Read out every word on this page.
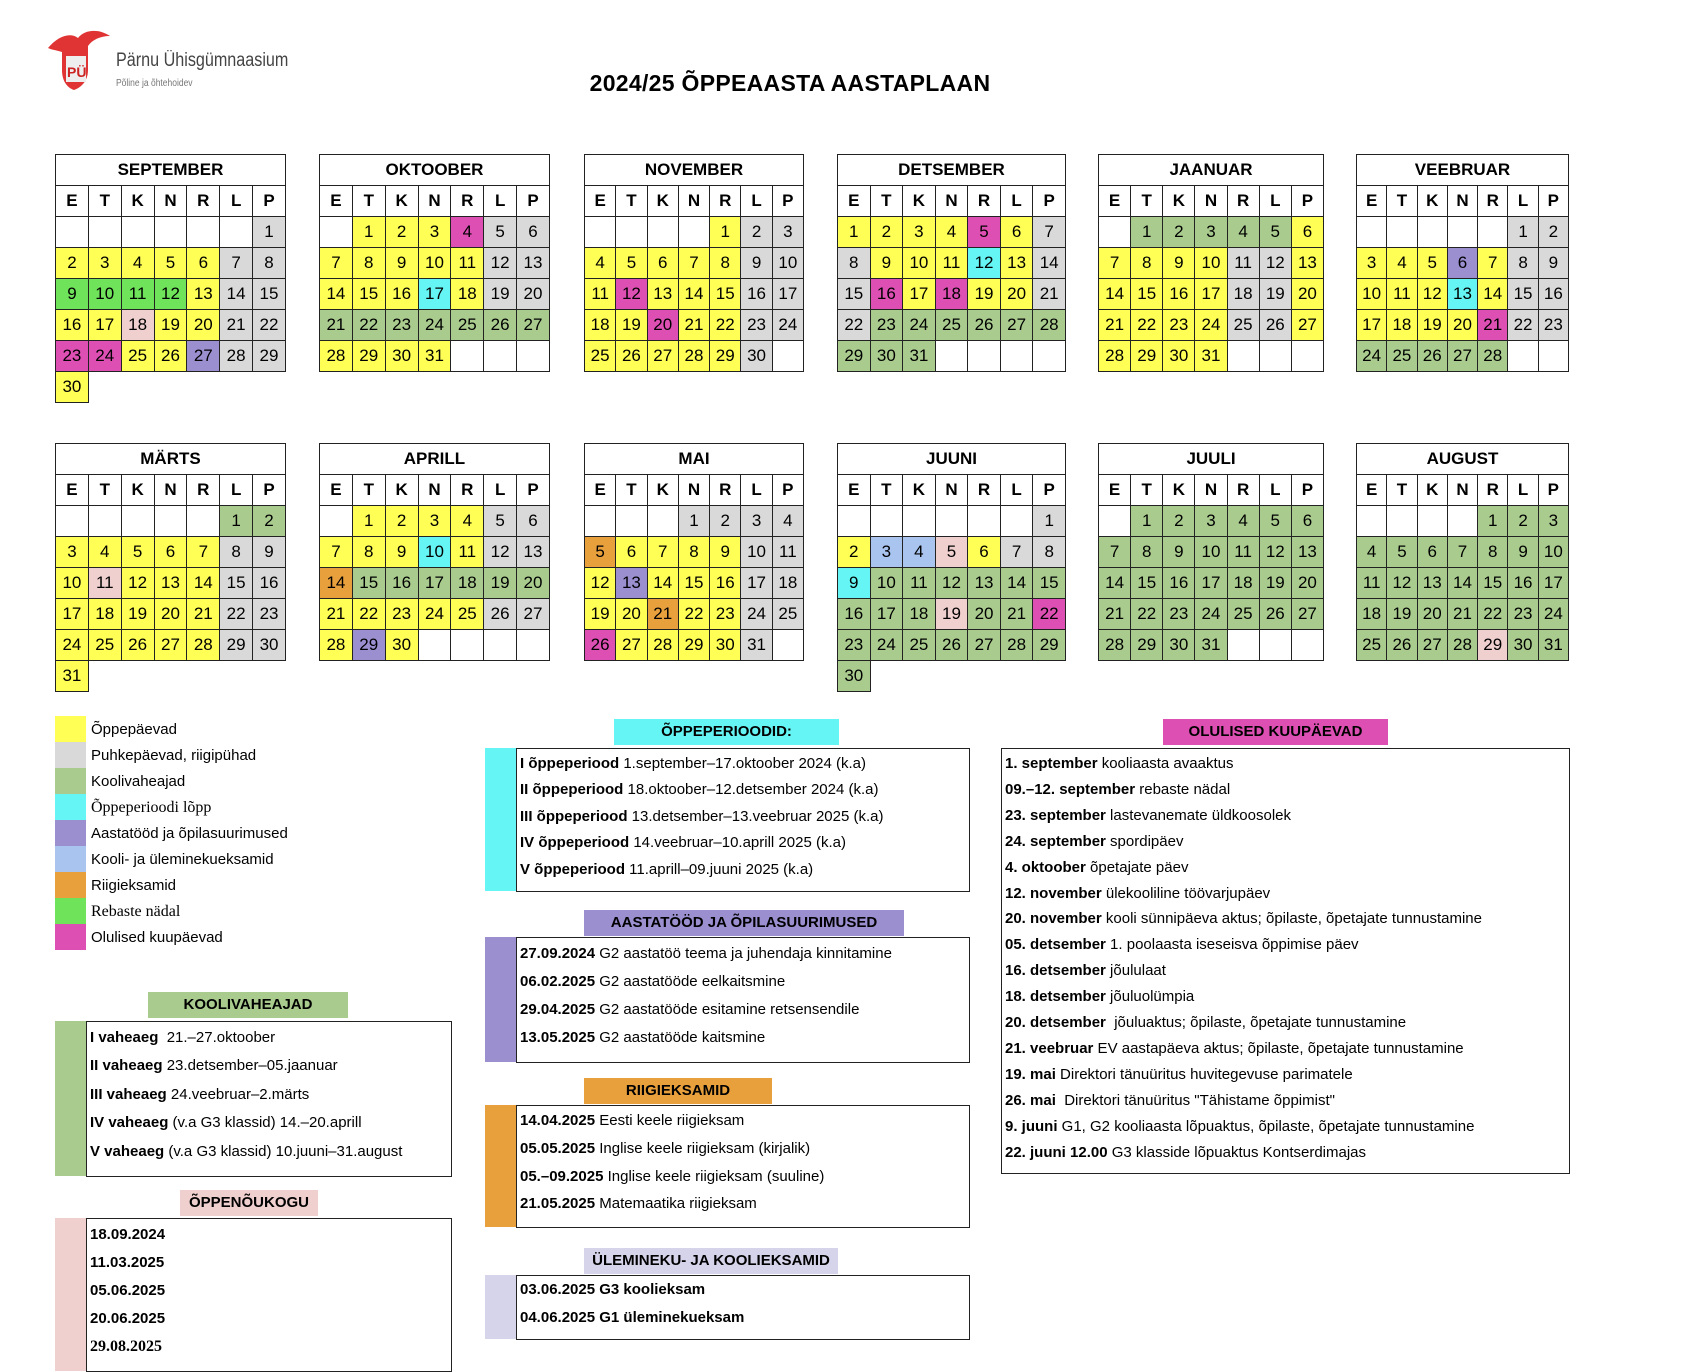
PÜ
Pärnu Ühisgümnaasium
Põline ja õhtehoidev	2024/25 ÕPPEAASTA AASTAPLAAN
SEPTEMBER						
E	T	K	N	R	L	P
						1
2	3	4	5	6	7	8
9	10	11	12	13	14	15
16	17	18	19	20	21	22
23	24	25	26	27	28	29
30						
OKTOOBER						
E	T	K	N	R	L	P
	1	2	3	4	5	6
7	8	9	10	11	12	13
14	15	16	17	18	19	20
21	22	23	24	25	26	27
28	29	30	31			
NOVEMBER						
E	T	K	N	R	L	P
				1	2	3
4	5	6	7	8	9	10
11	12	13	14	15	16	17
18	19	20	21	22	23	24
25	26	27	28	29	30	
DETSEMBER						
E	T	K	N	R	L	P
1	2	3	4	5	6	7
8	9	10	11	12	13	14
15	16	17	18	19	20	21
22	23	24	25	26	27	28
29	30	31				
JAANUAR						
E	T	K	N	R	L	P
	1	2	3	4	5	6
7	8	9	10	11	12	13
14	15	16	17	18	19	20
21	22	23	24	25	26	27
28	29	30	31			
VEEBRUAR						
E	T	K	N	R	L	P
					1	2
3	4	5	6	7	8	9
10	11	12	13	14	15	16
17	18	19	20	21	22	23
24	25	26	27	28		
MÄRTS						
E	T	K	N	R	L	P
					1	2
3	4	5	6	7	8	9
10	11	12	13	14	15	16
17	18	19	20	21	22	23
24	25	26	27	28	29	30
31						
APRILL						
E	T	K	N	R	L	P
	1	2	3	4	5	6
7	8	9	10	11	12	13
14	15	16	17	18	19	20
21	22	23	24	25	26	27
28	29	30				
MAI						
E	T	K	N	R	L	P
			1	2	3	4
5	6	7	8	9	10	11
12	13	14	15	16	17	18
19	20	21	22	23	24	25
26	27	28	29	30	31	
JUUNI						
E	T	K	N	R	L	P
						1
2	3	4	5	6	7	8
9	10	11	12	13	14	15
16	17	18	19	20	21	22
23	24	25	26	27	28	29
30						
JUULI						
E	T	K	N	R	L	P
	1	2	3	4	5	6
7	8	9	10	11	12	13
14	15	16	17	18	19	20
21	22	23	24	25	26	27
28	29	30	31			
AUGUST						
E	T	K	N	R	L	P
				1	2	3
4	5	6	7	8	9	10
11	12	13	14	15	16	17
18	19	20	21	22	23	24
25	26	27	28	29	30	31
Õppepäevad
Puhkepäevad, riigipühad
Koolivaheajad
Õppeperioodi lõpp
Aastatööd ja õpilasuurimused
Kooli- ja üleminekueksamid
Riigieksamid
Rebaste nädal
Olulised kuupäevad
KOOLIVAHEAJAD
I vaheaeg  21.–27.oktoober
II vaheaeg 23.detsember–05.jaanuar
III vaheaeg 24.veebruar–2.märts
IV vaheaeg (v.a G3 klassid) 14.–20.aprill
V vaheaeg (v.a G3 klassid) 10.juuni–31.august
ÕPPENÕUKOGU
18.09.2024
11.03.2025
05.06.2025
20.06.2025
29.08.2025
ÕPPEPERIOODID:
I õppeperiood 1.september–17.oktoober 2024 (k.a)
II õppeperiood 18.oktoober–12.detsember 2024 (k.a)
III õppeperiood 13.detsember–13.veebruar 2025 (k.a)
IV õppeperiood 14.veebruar–10.aprill 2025 (k.a)
V õppeperiood 11.aprill–09.juuni 2025 (k.a)
AASTATÖÖD JA ÕPILASUURIMUSED
27.09.2024 G2 aastatöö teema ja juhendaja kinnitamine
06.02.2025 G2 aastatööde eelkaitsmine
29.04.2025 G2 aastatööde esitamine retsensendile
13.05.2025 G2 aastatööde kaitsmine
RIIGIEKSAMID
14.04.2025 Eesti keele riigieksam
05.05.2025 Inglise keele riigieksam (kirjalik)
05.–09.2025 Inglise keele riigieksam (suuline)
21.05.2025 Matemaatika riigieksam
ÜLEMINEKU- JA KOOLIEKSAMID
03.06.2025 G3 koolieksam
04.06.2025 G1 üleminekueksam
OLULISED KUUPÄEVAD
1. september kooliaasta avaaktus
09.–12. september rebaste nädal
23. september lastevanemate üldkoosolek
24. september spordipäev
4. oktoober õpetajate päev
12. november ülekooliline töövarjupäev
20. november kooli sünnipäeva aktus; õpilaste, õpetajate tunnustamine
05. detsember 1. poolaasta iseseisva õppimise päev
16. detsember jõululaat
18. detsember jõuluolümpia
20. detsember  jõuluaktus; õpilaste, õpetajate tunnustamine
21. veebruar EV aastapäeva aktus; õpilaste, õpetajate tunnustamine
19. mai Direktori tänuüritus huvitegevuse parimatele
26. mai  Direktori tänuüritus "Tähistame õppimist"
9. juuni G1, G2 kooliaasta lõpuaktus, õpilaste, õpetajate tunnustamine
22. juuni 12.00 G3 klasside lõpuaktus Kontserdimajas
